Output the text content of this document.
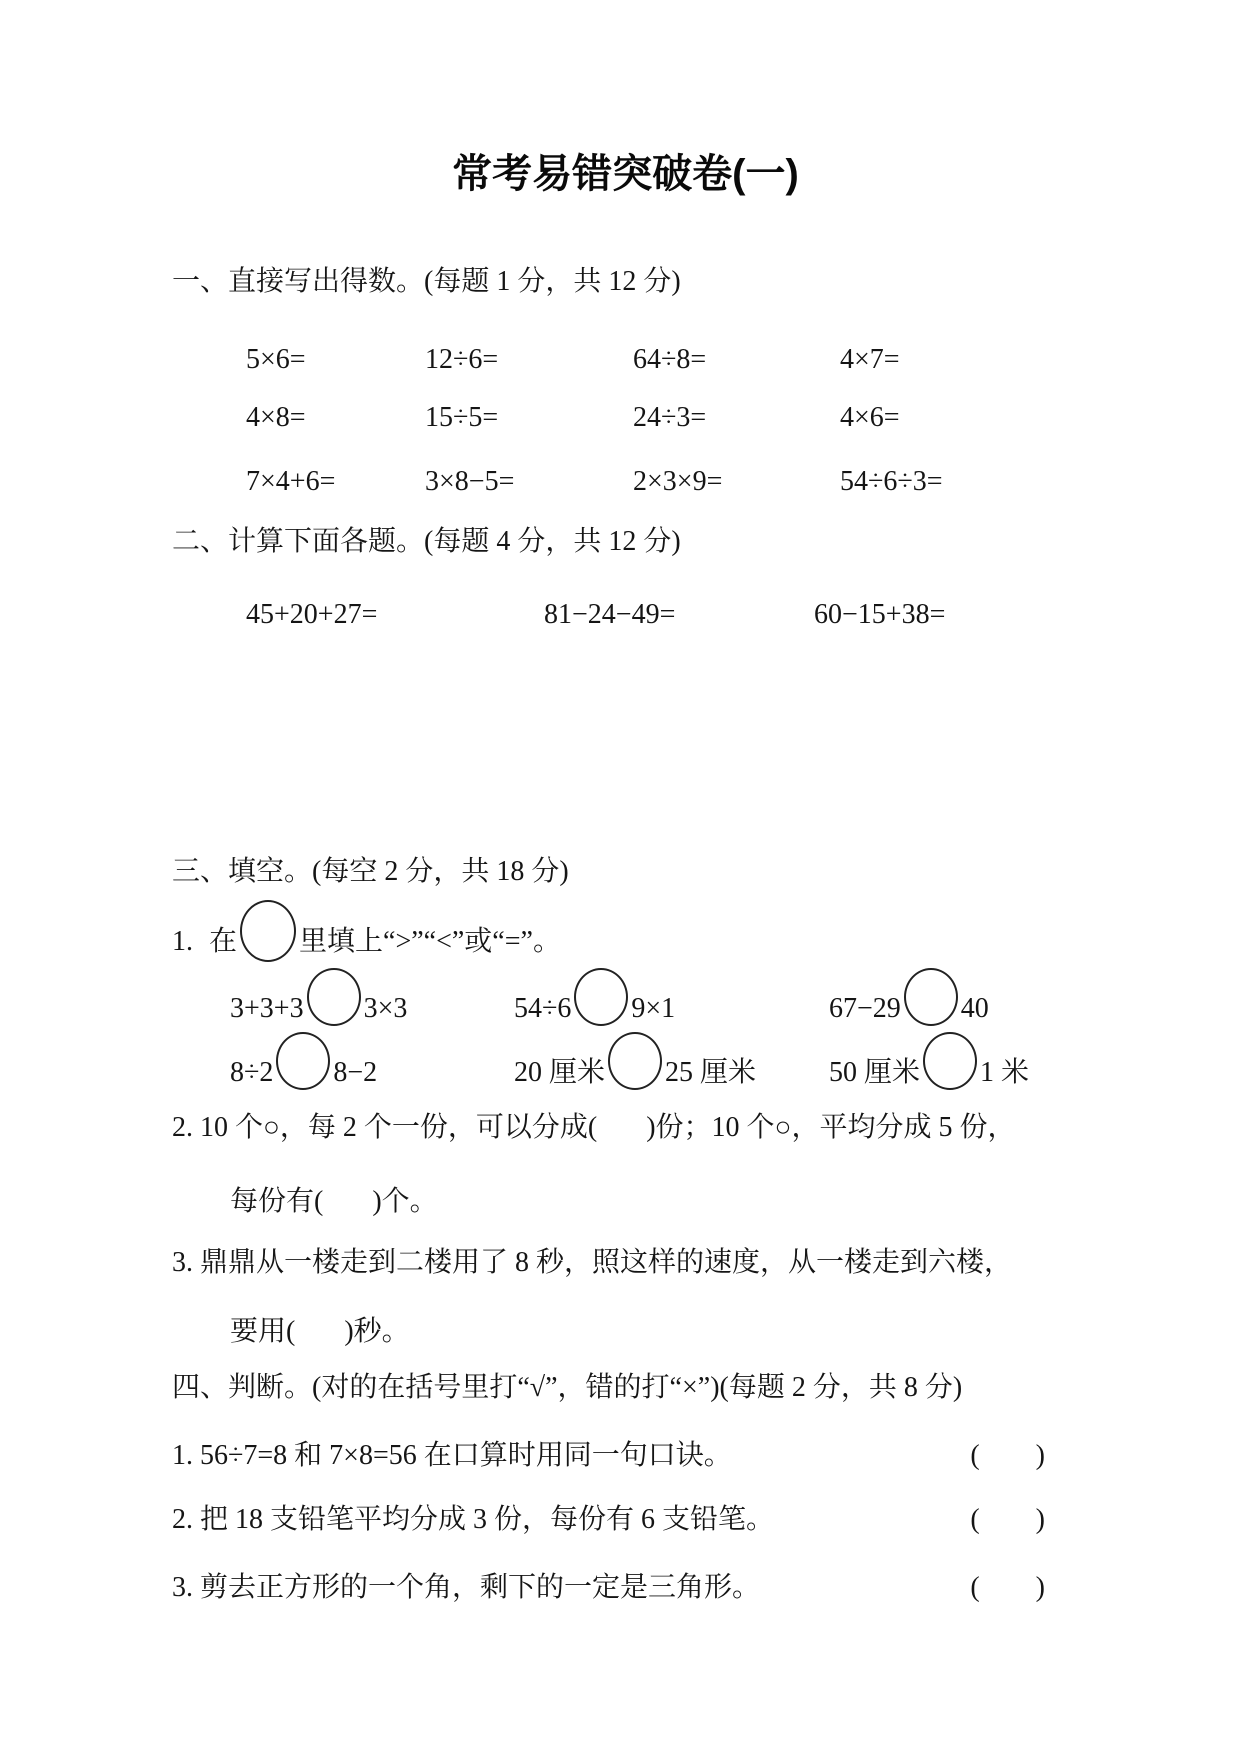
常考易错突破卷(一)
一、直接写出得数。(每题 1 分，共 12 分)
5×6=	12÷6=	64÷8=	4×7=
4×8=	15÷5=	24÷3=	4×6=
7×4+6=	3×8−5=	2×3×9=	54÷6÷3=
二、计算下面各题。(每题 4 分，共 12 分)
45+20+27=	81−24−49=	60−15+38=
三、填空。(每空 2 分，共 18 分)
1. 在 里填上“>”“<”或“=”。
3+3+3 3×3	54÷6 9×1	67−29 40
8÷2 8−2	20 厘米 25 厘米	50 厘米 1 米
2. 10 个○，每 2 个一份，可以分成(       )份；10 个○，平均分成 5 份，
每份有(       )个。
3. 鼎鼎从一楼走到二楼用了 8 秒，照这样的速度，从一楼走到六楼，
要用(       )秒。
四、判断。(对的在括号里打“√”，错的打“×”)(每题 2 分，共 8 分)
1. 56÷7=8 和 7×8=56 在口算时用同一句口诀。	(        )
2. 把 18 支铅笔平均分成 3 份，每份有 6 支铅笔。	(        )
3. 剪去正方形的一个角，剩下的一定是三角形。	(        )
